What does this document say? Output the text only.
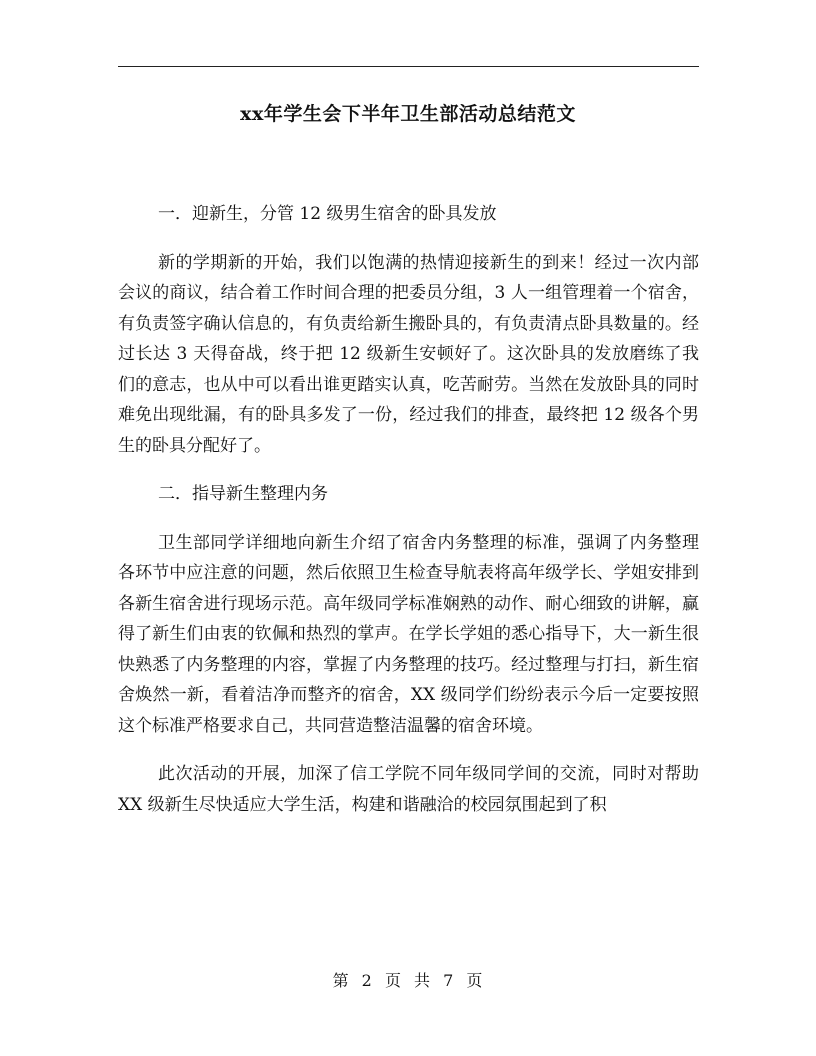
xx年学生会下半年卫生部活动总结范文

一．迎新生，分管 12 级男生宿舍的卧具发放

新的学期新的开始，我们以饱满的热情迎接新生的到来！经过一次内部会议的商议，结合着工作时间合理的把委员分组，3 人一组管理着一个宿舍，有负责签字确认信息的，有负责给新生搬卧具的，有负责清点卧具数量的。经过长达 3 天得奋战，终于把 12 级新生安顿好了。这次卧具的发放磨练了我们的意志，也从中可以看出谁更踏实认真，吃苦耐劳。当然在发放卧具的同时难免出现纰漏，有的卧具多发了一份，经过我们的排查，最终把 12 级各个男生的卧具分配好了。

二．指导新生整理内务

卫生部同学详细地向新生介绍了宿舍内务整理的标准，强调了内务整理各环节中应注意的问题，然后依照卫生检查导航表将高年级学长、学姐安排到各新生宿舍进行现场示范。高年级同学标准娴熟的动作、耐心细致的讲解，赢得了新生们由衷的钦佩和热烈的掌声。在学长学姐的悉心指导下，大一新生很快熟悉了内务整理的内容，掌握了内务整理的技巧。经过整理与打扫，新生宿舍焕然一新，看着洁净而整齐的宿舍，XX 级同学们纷纷表示今后一定要按照这个标准严格要求自己，共同营造整洁温馨的宿舍环境。

此次活动的开展，加深了信工学院不同年级同学间的交流，同时对帮助 XX 级新生尽快适应大学生活，构建和谐融洽的校园氛围起到了积

第 2 页 共 7 页
